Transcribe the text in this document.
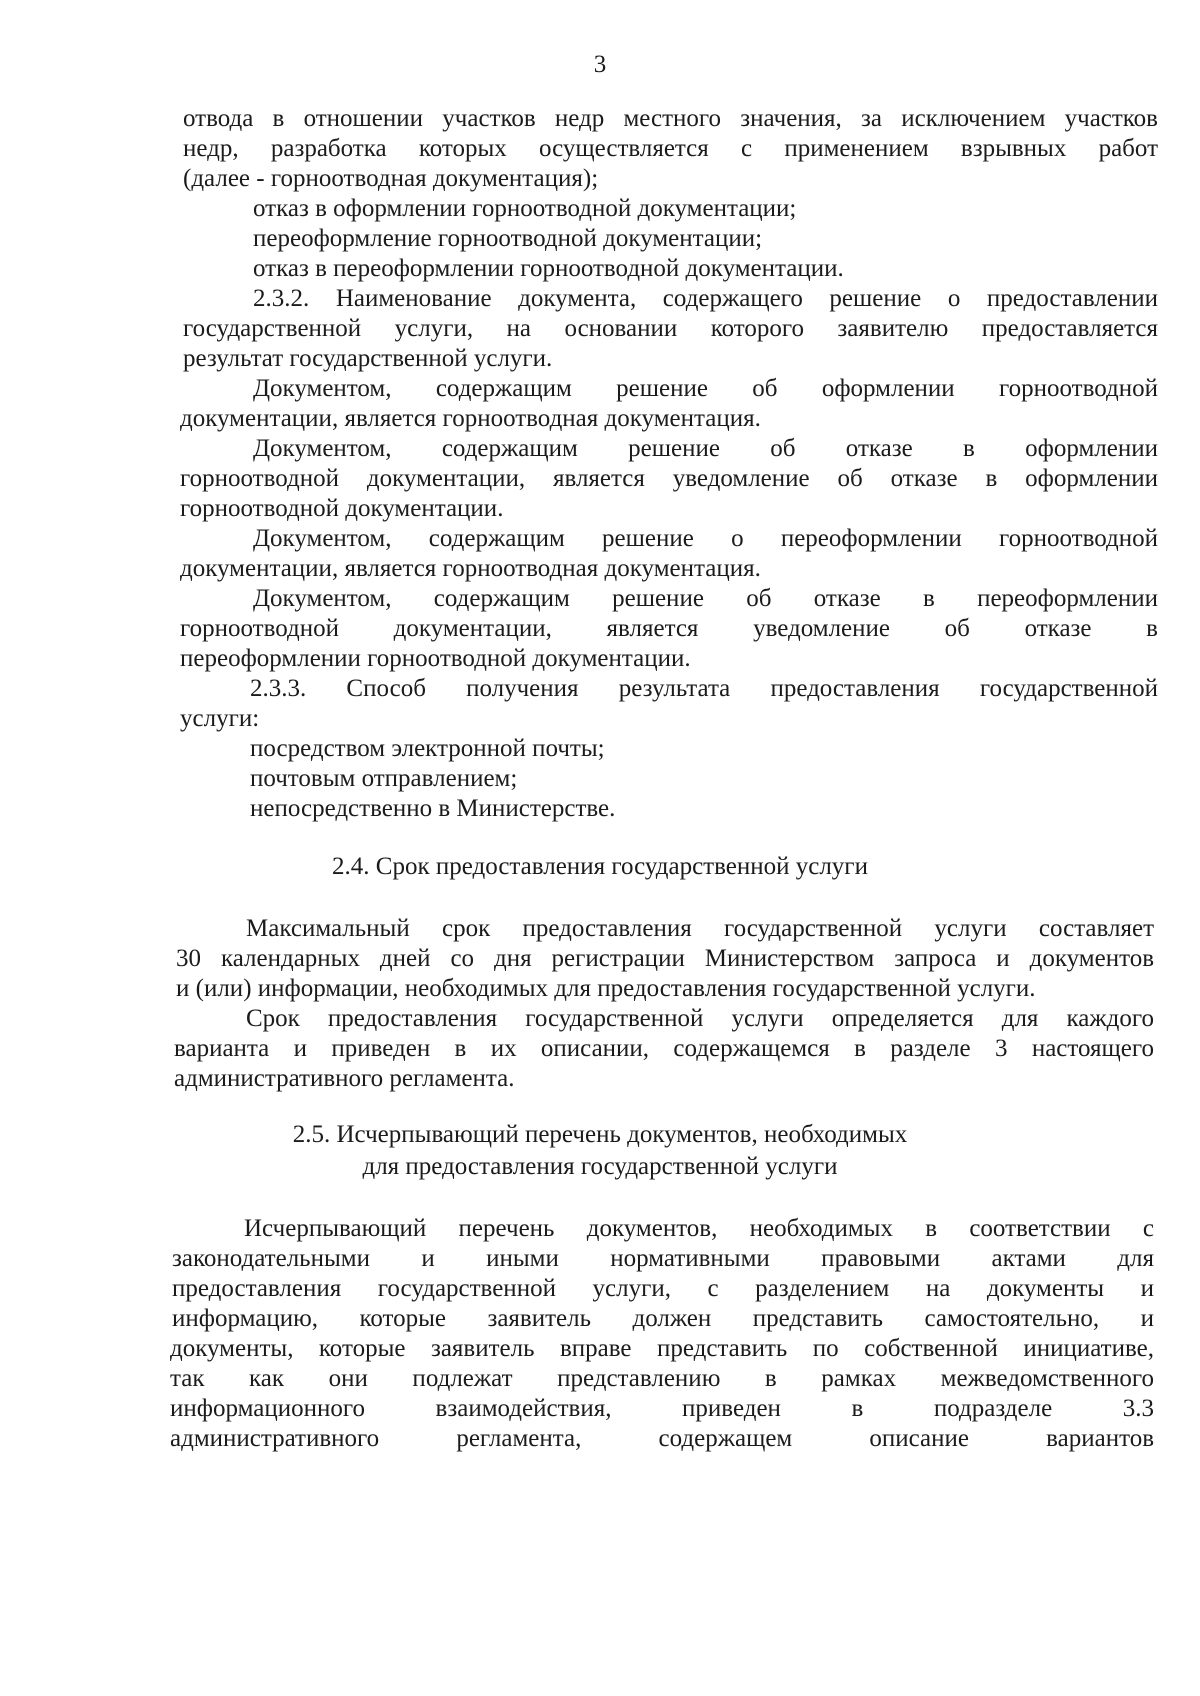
3
отвода в отношении участков недр местного значения, за исключением участков
недр, разработка которых осуществляется с применением взрывных работ
(далее - горноотводная документация);
отказ в оформлении горноотводной документации;
переоформление горноотводной документации;
отказ в переоформлении горноотводной документации.
2.3.2. Наименование документа, содержащего решение о предоставлении
государственной услуги, на основании которого заявителю предоставляется
результат государственной услуги.
Документом, содержащим решение об оформлении горноотводной
документации, является горноотводная документация.
Документом, содержащим решение об отказе в оформлении
горноотводной документации, является уведомление об отказе в оформлении
горноотводной документации.
Документом, содержащим решение о переоформлении горноотводной
документации, является горноотводная документация.
Документом, содержащим решение об отказе в переоформлении
горноотводной документации, является уведомление об отказе в
переоформлении горноотводной документации.
2.3.3. Способ получения результата предоставления государственной
услуги:
посредством электронной почты;
почтовым отправлением;
непосредственно в Министерстве.
2.4. Срок предоставления государственной услуги
Максимальный срок предоставления государственной услуги составляет
30 календарных дней со дня регистрации Министерством запроса и документов
и (или) информации, необходимых для предоставления государственной услуги.
Срок предоставления государственной услуги определяется для каждого
варианта и приведен в их описании, содержащемся в разделе 3 настоящего
административного регламента.
2.5. Исчерпывающий перечень документов, необходимых
для предоставления государственной услуги
Исчерпывающий перечень документов, необходимых в соответствии с
законодательными и иными нормативными правовыми актами для
предоставления государственной услуги, с разделением на документы и
информацию, которые заявитель должен представить самостоятельно, и
документы, которые заявитель вправе представить по собственной инициативе,
так как они подлежат представлению в рамках межведомственного
информационного взаимодействия, приведен в подразделе 3.3
административного регламента, содержащем описание вариантов
